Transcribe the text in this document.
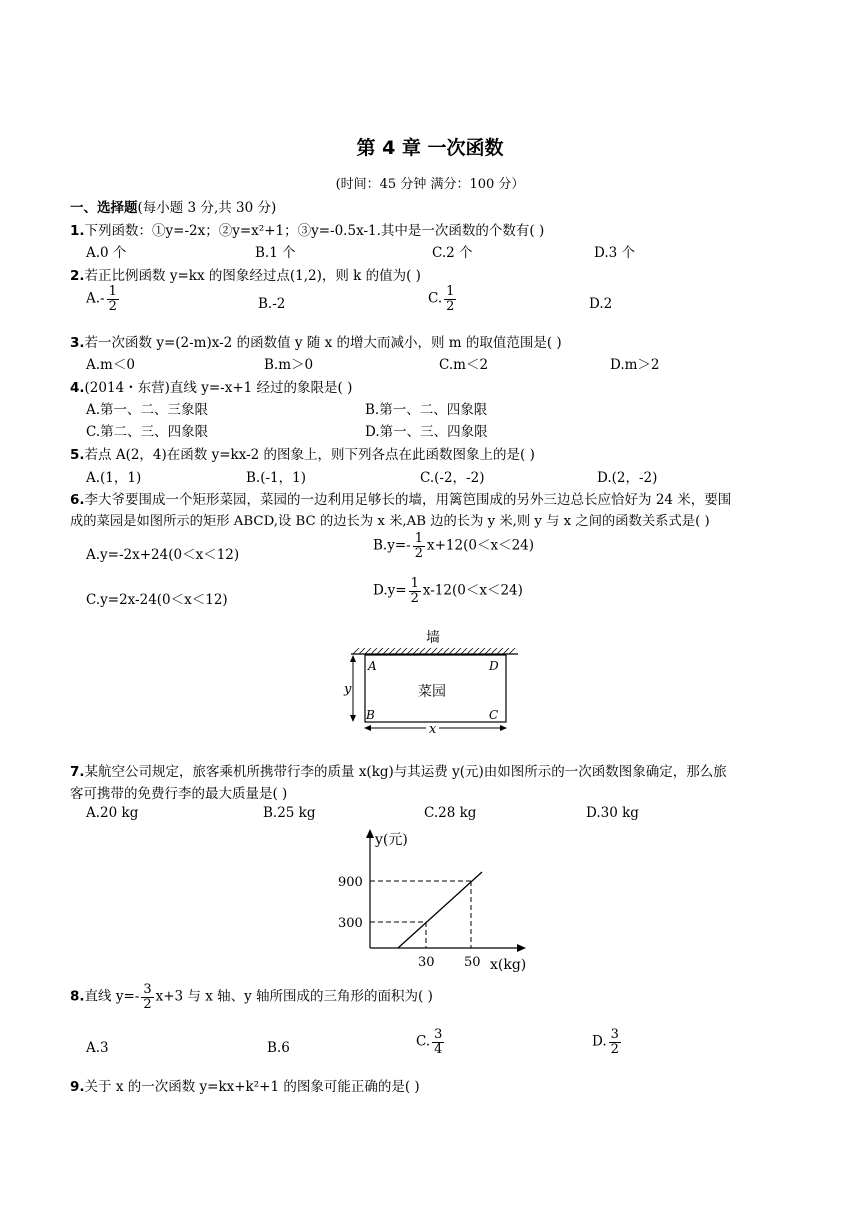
第 4 章 一次函数
(时间：45 分钟 满分：100 分）
一、选择题(每小题 3 分,共 30 分)
1.下列函数：①y=-2x；②y=x²+1；③y=-0.5x-1.其中是一次函数的个数有( )
A.0 个	B.1 个	C.2 个	D.3 个
2.若正比例函数 y=kx 的图象经过点(1,2)，则 k 的值为( )
$A.- \frac{1}{2}$	B.-2	C. $\frac{1}{2}$	D.2
3.若一次函数 y=(2-m)x-2 的函数值 y 随 x 的增大而减小，则 m 的取值范围是( )
A.m＜0	B.m＞0	C.m＜2	D.m＞2
4.(2014・东营)直线 y=-x+1 经过的象限是( )
A.第一、二、三象限	B.第一、二、四象限
C.第二、三、四象限	D.第一、三、四象限
5.若点 A(2，4)在函数 y=kx-2 的图象上，则下列各点在此函数图象上的是( )
A.(1，1)	B.(-1，1)	C.(-2，-2)	D.(2，-2)
6.李大爷要围成一个矩形菜园，菜园的一边利用足够长的墙，用篱笆围成的另外三边总长应恰好为 24 米，要围
成的菜园是如图所示的矩形 ABCD,设 BC 的边长为 x 米,AB 边的长为 y 米,则 y 与 x 之间的函数关系式是( )
A.y=-2x+24(0＜x＜12)
$B.y=- \frac{1}{2} x+12(0<x<24)$
C.y=2x-24(0＜x＜12)
$D.y= \frac{1}{2} x-12(0<x<24)$
墙
A	D
B	C
菜园
y
x
7.某航空公司规定，旅客乘机所携带行李的质量 x(kg)与其运费 y(元)由如图所示的一次函数图象确定，那么旅
客可携带的免费行李的最大质量是( )
A.20 kg	B.25 kg	C.28 kg	D.30 kg
y(元)
x(kg)
900
300
30 50
8.直线 $y=- \frac{3}{2} x+3$ 与 x 轴、y 轴所围成的三角形的面积为( )
A.3	B.6	C. $\frac{3}{4}$	D. $\frac{3}{2}$
9.关于 x 的一次函数 y=kx+k²+1 的图象可能正确的是( )
